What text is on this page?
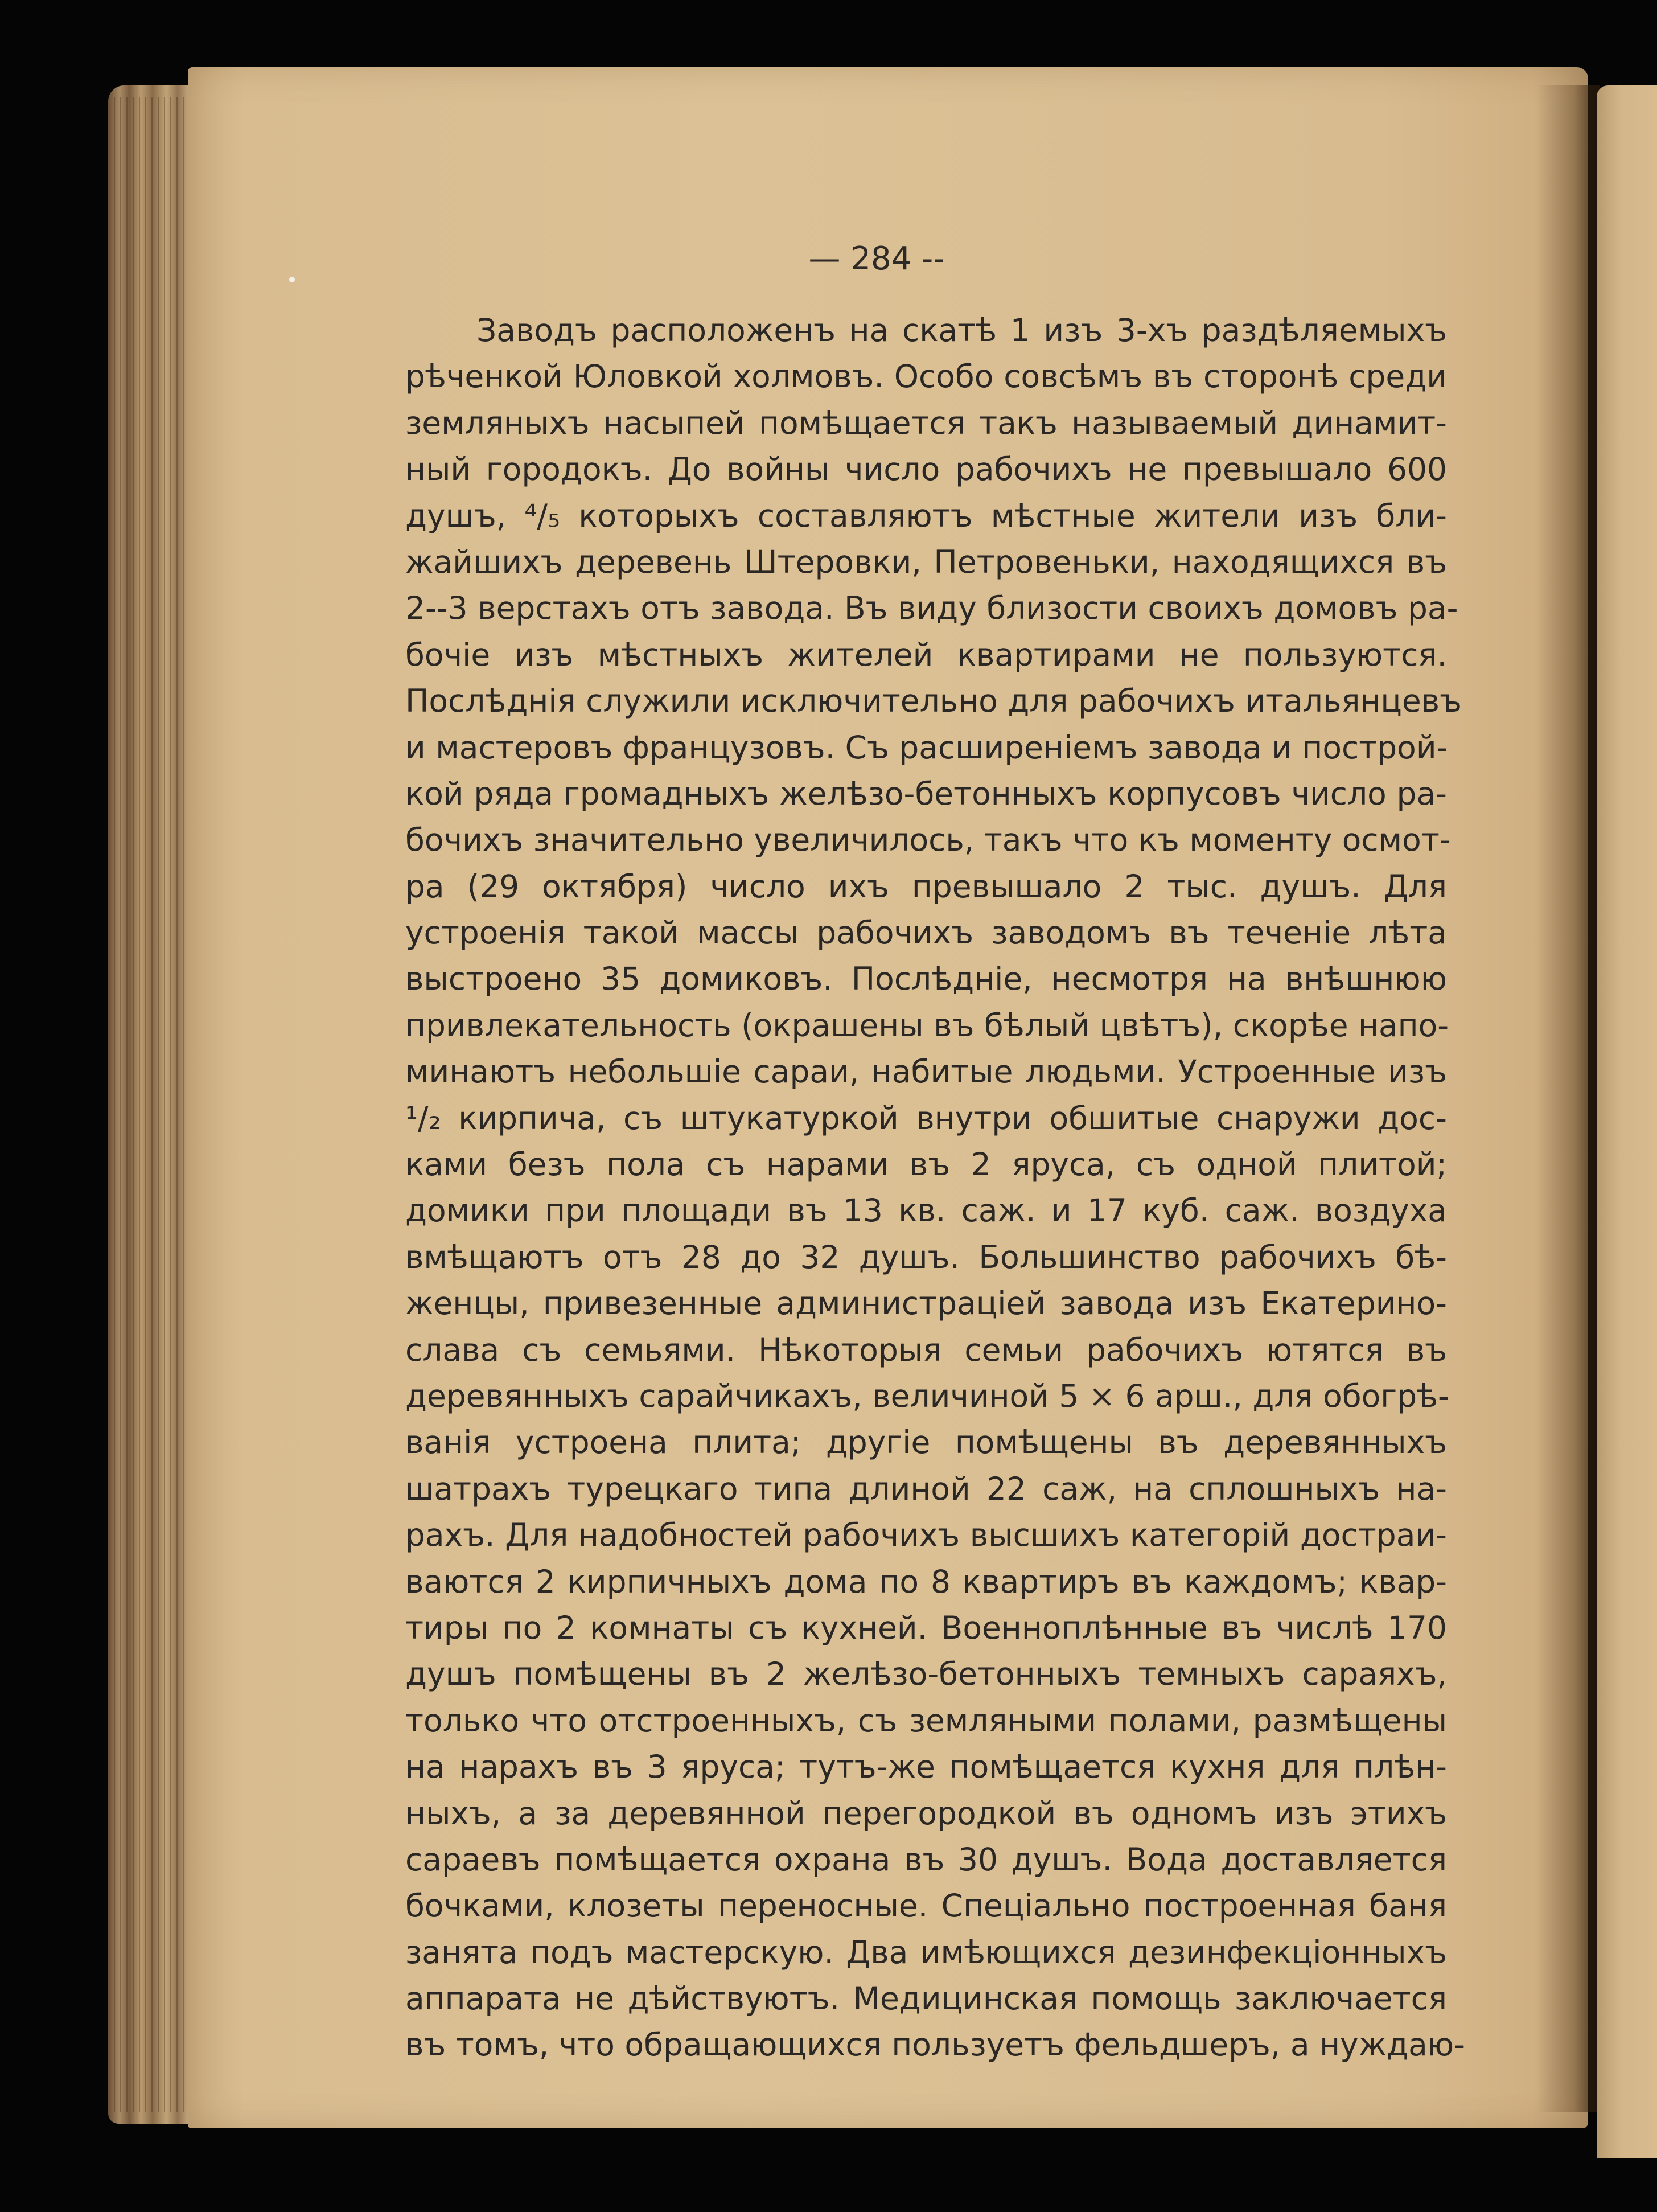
— 284 --

Заводъ расположенъ на скатѣ 1 изъ 3-хъ раздѣляемыхъ
рѣченкой Юловкой холмовъ. Особо совсѣмъ въ сторонѣ среди
земляныхъ насыпей помѣщается такъ называемый динамит-
ный городокъ. До войны число рабочихъ не превышало 600
душъ, ⁴/₅ которыхъ составляютъ мѣстные жители изъ бли-
жайшихъ деревень Штеровки, Петровеньки, находящихся въ
2--3 верстахъ отъ завода. Въ виду близости своихъ домовъ ра-
бочіе изъ мѣстныхъ жителей квартирами не пользуются.
Послѣднія служили исключительно для рабочихъ итальянцевъ
и мастеровъ французовъ. Съ расширеніемъ завода и построй-
кой ряда громадныхъ желѣзо-бетонныхъ корпусовъ число ра-
бочихъ значительно увеличилось, такъ что къ моменту осмот-
ра (29 октября) число ихъ превышало 2 тыс. душъ. Для
устроенія такой массы рабочихъ заводомъ въ теченіе лѣта
выстроено 35 домиковъ. Послѣдніе, несмотря на внѣшнюю
привлекательность (окрашены въ бѣлый цвѣтъ), скорѣе напо-
минаютъ небольшіе сараи, набитые людьми. Устроенные изъ
¹/₂ кирпича, съ штукатуркой внутри обшитые снаружи дос-
ками безъ пола съ нарами въ 2 яруса, съ одной плитой;
домики при площади въ 13 кв. саж. и 17 куб. саж. воздуха
вмѣщаютъ отъ 28 до 32 душъ. Большинство рабочихъ бѣ-
женцы, привезенные администраціей завода изъ Екатерино-
слава съ семьями. Нѣкоторыя семьи рабочихъ ютятся въ
деревянныхъ сарайчикахъ, величиной 5 × 6 арш., для обогрѣ-
ванія устроена плита; другіе помѣщены въ деревянныхъ
шатрахъ турецкаго типа длиной 22 саж, на сплошныхъ на-
рахъ. Для надобностей рабочихъ высшихъ категорій достраи-
ваются 2 кирпичныхъ дома по 8 квартиръ въ каждомъ; квар-
тиры по 2 комнаты съ кухней. Военноплѣнные въ числѣ 170
душъ помѣщены въ 2 желѣзо-бетонныхъ темныхъ сараяхъ,
только что отстроенныхъ, съ земляными полами, размѣщены
на нарахъ въ 3 яруса; тутъ-же помѣщается кухня для плѣн-
ныхъ, а за деревянной перегородкой въ одномъ изъ этихъ
сараевъ помѣщается охрана въ 30 душъ. Вода доставляется
бочками, клозеты переносные. Спеціально построенная баня
занята подъ мастерскую. Два имѣющихся дезинфекціонныхъ
аппарата не дѣйствуютъ. Медицинская помощь заключается
въ томъ, что обращающихся пользуетъ фельдшеръ, а нуждаю-
